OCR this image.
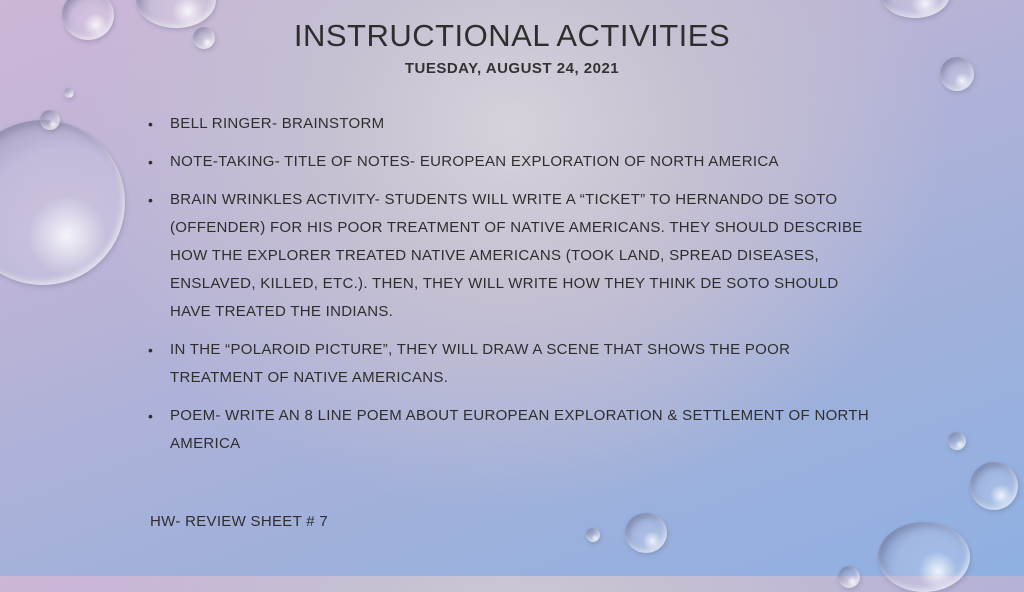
INSTRUCTIONAL ACTIVITIES
TUESDAY, AUGUST 24, 2021
• BELL RINGER- BRAINSTORM
• NOTE-TAKING- TITLE OF NOTES- EUROPEAN EXPLORATION OF NORTH AMERICA
• BRAIN WRINKLES ACTIVITY- STUDENTS WILL WRITE A “TICKET” TO HERNANDO DE SOTO (OFFENDER) FOR HIS POOR TREATMENT OF NATIVE AMERICANS. THEY SHOULD DESCRIBE HOW THE EXPLORER TREATED NATIVE AMERICANS (TOOK LAND, SPREAD DISEASES, ENSLAVED, KILLED, ETC.). THEN, THEY WILL WRITE HOW THEY THINK DE SOTO SHOULD HAVE TREATED THE INDIANS.
• IN THE “POLAROID PICTURE”, THEY WILL DRAW A SCENE THAT SHOWS THE POOR TREATMENT OF NATIVE AMERICANS.
• POEM- WRITE AN 8 LINE POEM ABOUT EUROPEAN EXPLORATION & SETTLEMENT OF NORTH AMERICA
HW- REVIEW SHEET # 7
